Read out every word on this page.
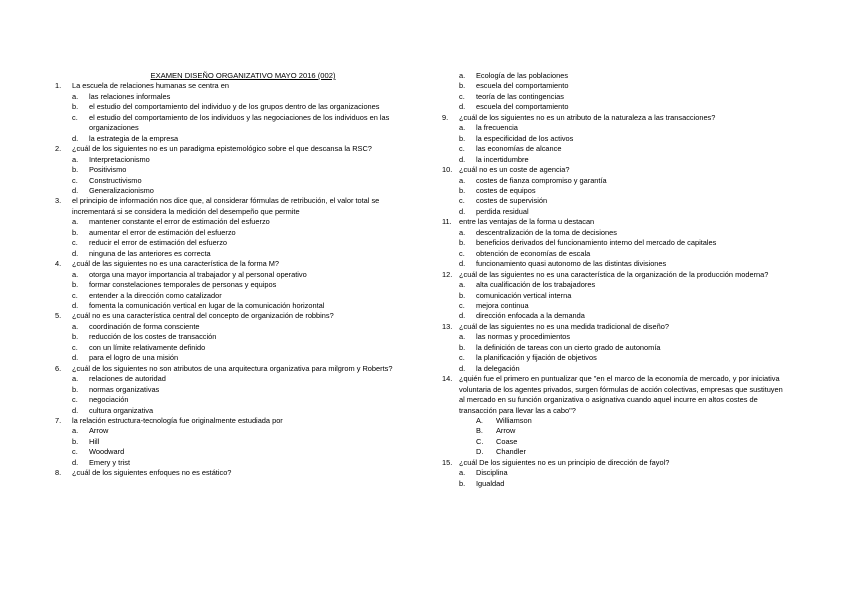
EXAMEN DISEÑO ORGANIZATIVO MAYO 2016 (002)
1.	La escuela de relaciones humanas se centra en
a.	las relaciones informales
b.	el estudio del comportamiento del individuo y de los grupos dentro de las organizaciones
c.	el estudio del comportamiento de los individuos y las negociaciones de los individuos en las organizaciones
d.	la estrategia de la empresa
2.	¿cuál de los siguientes no es un paradigma epistemológico sobre el que descansa la RSC?
a.	Interpretacionismo
b.	Positivismo
c.	Constructivismo
d.	Generalizacionismo
3.	el principio de información nos dice que, al considerar fórmulas de retribución, el valor total se incrementará si se considera la medición del desempeño que permite
a.	mantener constante el error de estimación del esfuerzo
b.	aumentar el error de estimación del esfuerzo
c.	reducir el error de estimación del esfuerzo
d.	ninguna de las anteriores es correcta
4.	¿cuál de las siguientes no es una característica de la forma M?
a.	otorga una mayor importancia al trabajador y al personal operativo
b.	formar constelaciones temporales de personas y equipos
c.	entender a la dirección como catalizador
d.	fomenta la comunicación vertical en lugar de la comunicación horizontal
5.	¿cuál no es una característica central del concepto de organización de robbins?
a.	coordinación de forma consciente
b.	reducción de los costes de transacción
c.	con un límite relativamente definido
d.	para el logro de una misión
6.	¿cuál de los siguientes no son atributos de una arquitectura organizativa para milgrom y Roberts?
a.	relaciones de autoridad
b.	normas organizativas
c.	negociación
d.	cultura organizativa
7.	la relación estructura-tecnología fue originalmente estudiada por
a.	Arrow
b.	Hill
c.	Woodward
d.	Emery y trist
8.	¿cuál de los siguientes enfoques no es estático?
a.	Ecología de las poblaciones
b.	escuela del comportamiento
c.	teoría de las contingencias
d.	escuela del comportamiento
9.	¿cuál de los siguientes no es un atributo de la naturaleza a las transacciones?
a.	la frecuencia
b.	la especificidad de los activos
c.	las economías de alcance
d.	la incertidumbre
10. ¿cuál no es un coste de agencia?
a.	costes de fianza compromiso y garantía
b.	costes de equipos
c.	costes de supervisión
d.	perdida residual
11. entre las ventajas de la forma u destacan
a.	descentralización de la toma de decisiones
b.	beneficios derivados del funcionamiento interno del mercado de capitales
c.	obtención de economías de escala
d.	funcionamiento quasi autonomo de las distintas divisiones
12. ¿cuál de las siguientes no es una característica de la organización de la producción moderna?
a.	alta cualificación de los trabajadores
b.	comunicación vertical interna
c.	mejora continua
d.	dirección enfocada a la demanda
13. ¿cuál de las siguientes no es una medida tradicional de diseño?
a.	las normas y procedimientos
b.	la definición de tareas con un cierto grado de autonomía
c.	la planificación y fijación de objetivos
d.	la delegación
14. ¿quién fue el primero en puntualizar que "en el marco de la economía de mercado, y por iniciativa voluntaria de los agentes privados, surgen fórmulas de acción colectivas, empresas que sustituyen al mercado en su función organizativa o asignativa cuando aquel incurre en altos costes de transacción para llevar las a cabo"?
A.	Williamson
B.	Arrow
C.	Coase
D.	Chandler
15. ¿cuál De los siguientes no es un principio de dirección de fayol?
a.	Disciplina
b.	Igualdad
